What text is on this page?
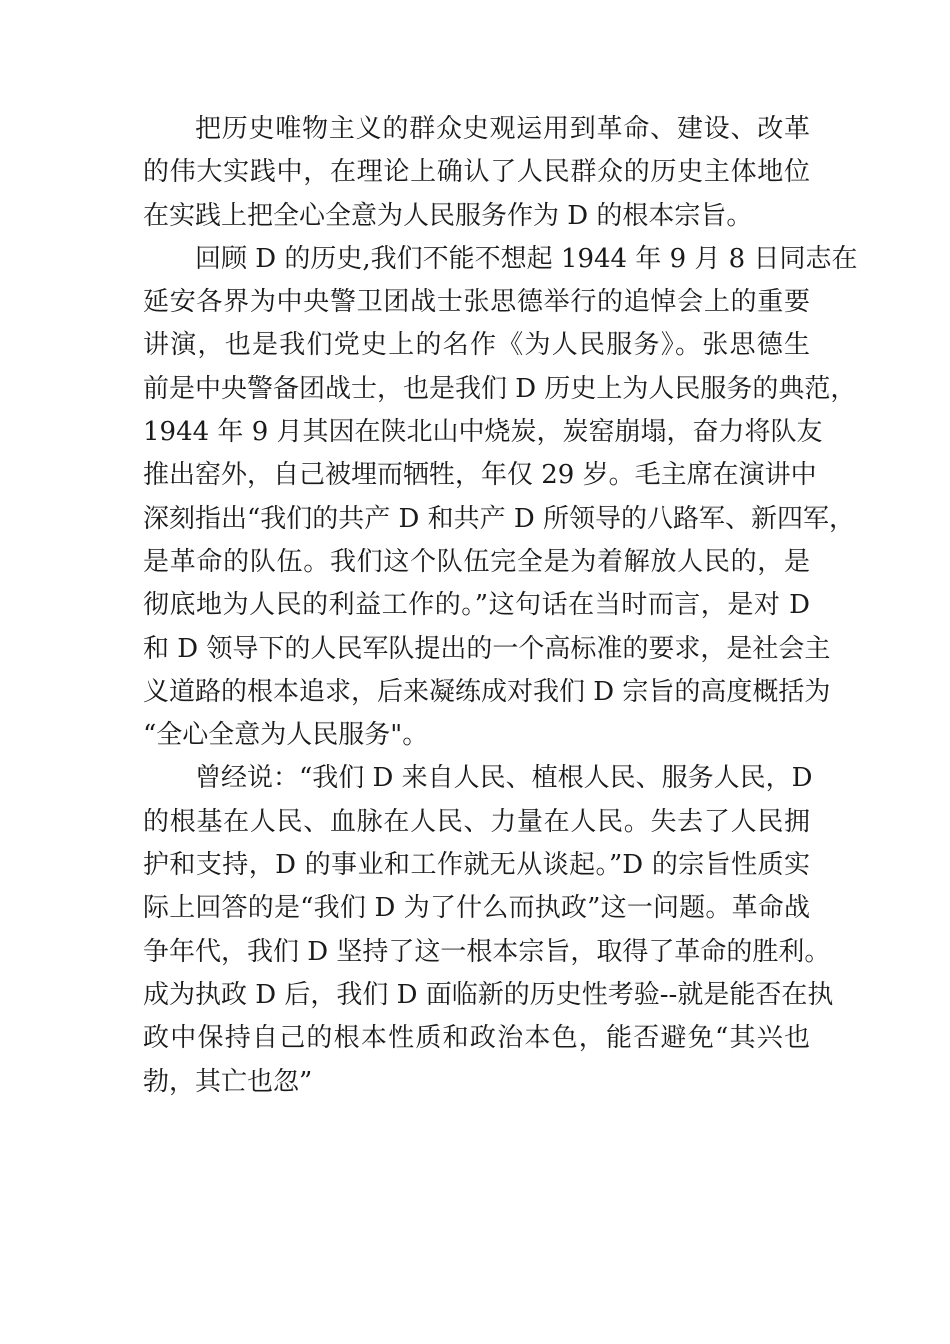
把历史唯物主义的群众史观运用到革命、建设、改革
的伟大实践中，在理论上确认了人民群众的历史主体地位
在实践上把全心全意为人民服务作为 D 的根本宗旨。
回顾 D 的历史,我们不能不想起 1944 年 9 月 8 日同志在
延安各界为中央警卫团战士张思德举行的追悼会上的重要
讲演，也是我们党史上的名作《为人民服务》。张思德生
前是中央警备团战士，也是我们 D 历史上为人民服务的典范，
1944 年 9 月其因在陕北山中烧炭，炭窑崩塌，奋力将队友
推出窑外，自己被埋而牺牲，年仅 29 岁。毛主席在演讲中
深刻指出“我们的共产 D 和共产 D 所领导的八路军、新四军，
是革命的队伍。我们这个队伍完全是为着解放人民的，是
彻底地为人民的利益工作的。”这句话在当时而言，是对 D
和 D 领导下的人民军队提出的一个高标准的要求，是社会主
义道路的根本追求，后来凝练成对我们 D 宗旨的高度概括为
“全心全意为人民服务"。
曾经说：“我们 D 来自人民、植根人民、服务人民，D
的根基在人民、血脉在人民、力量在人民。失去了人民拥
护和支持，D 的事业和工作就无从谈起。”D 的宗旨性质实
际上回答的是“我们 D 为了什么而执政”这一问题。革命战
争年代，我们 D 坚持了这一根本宗旨，取得了革命的胜利。
成为执政 D 后，我们 D 面临新的历史性考验--就是能否在执
政中保持自己的根本性质和政治本色，能否避免“其兴也
勃，其亡也忽”
